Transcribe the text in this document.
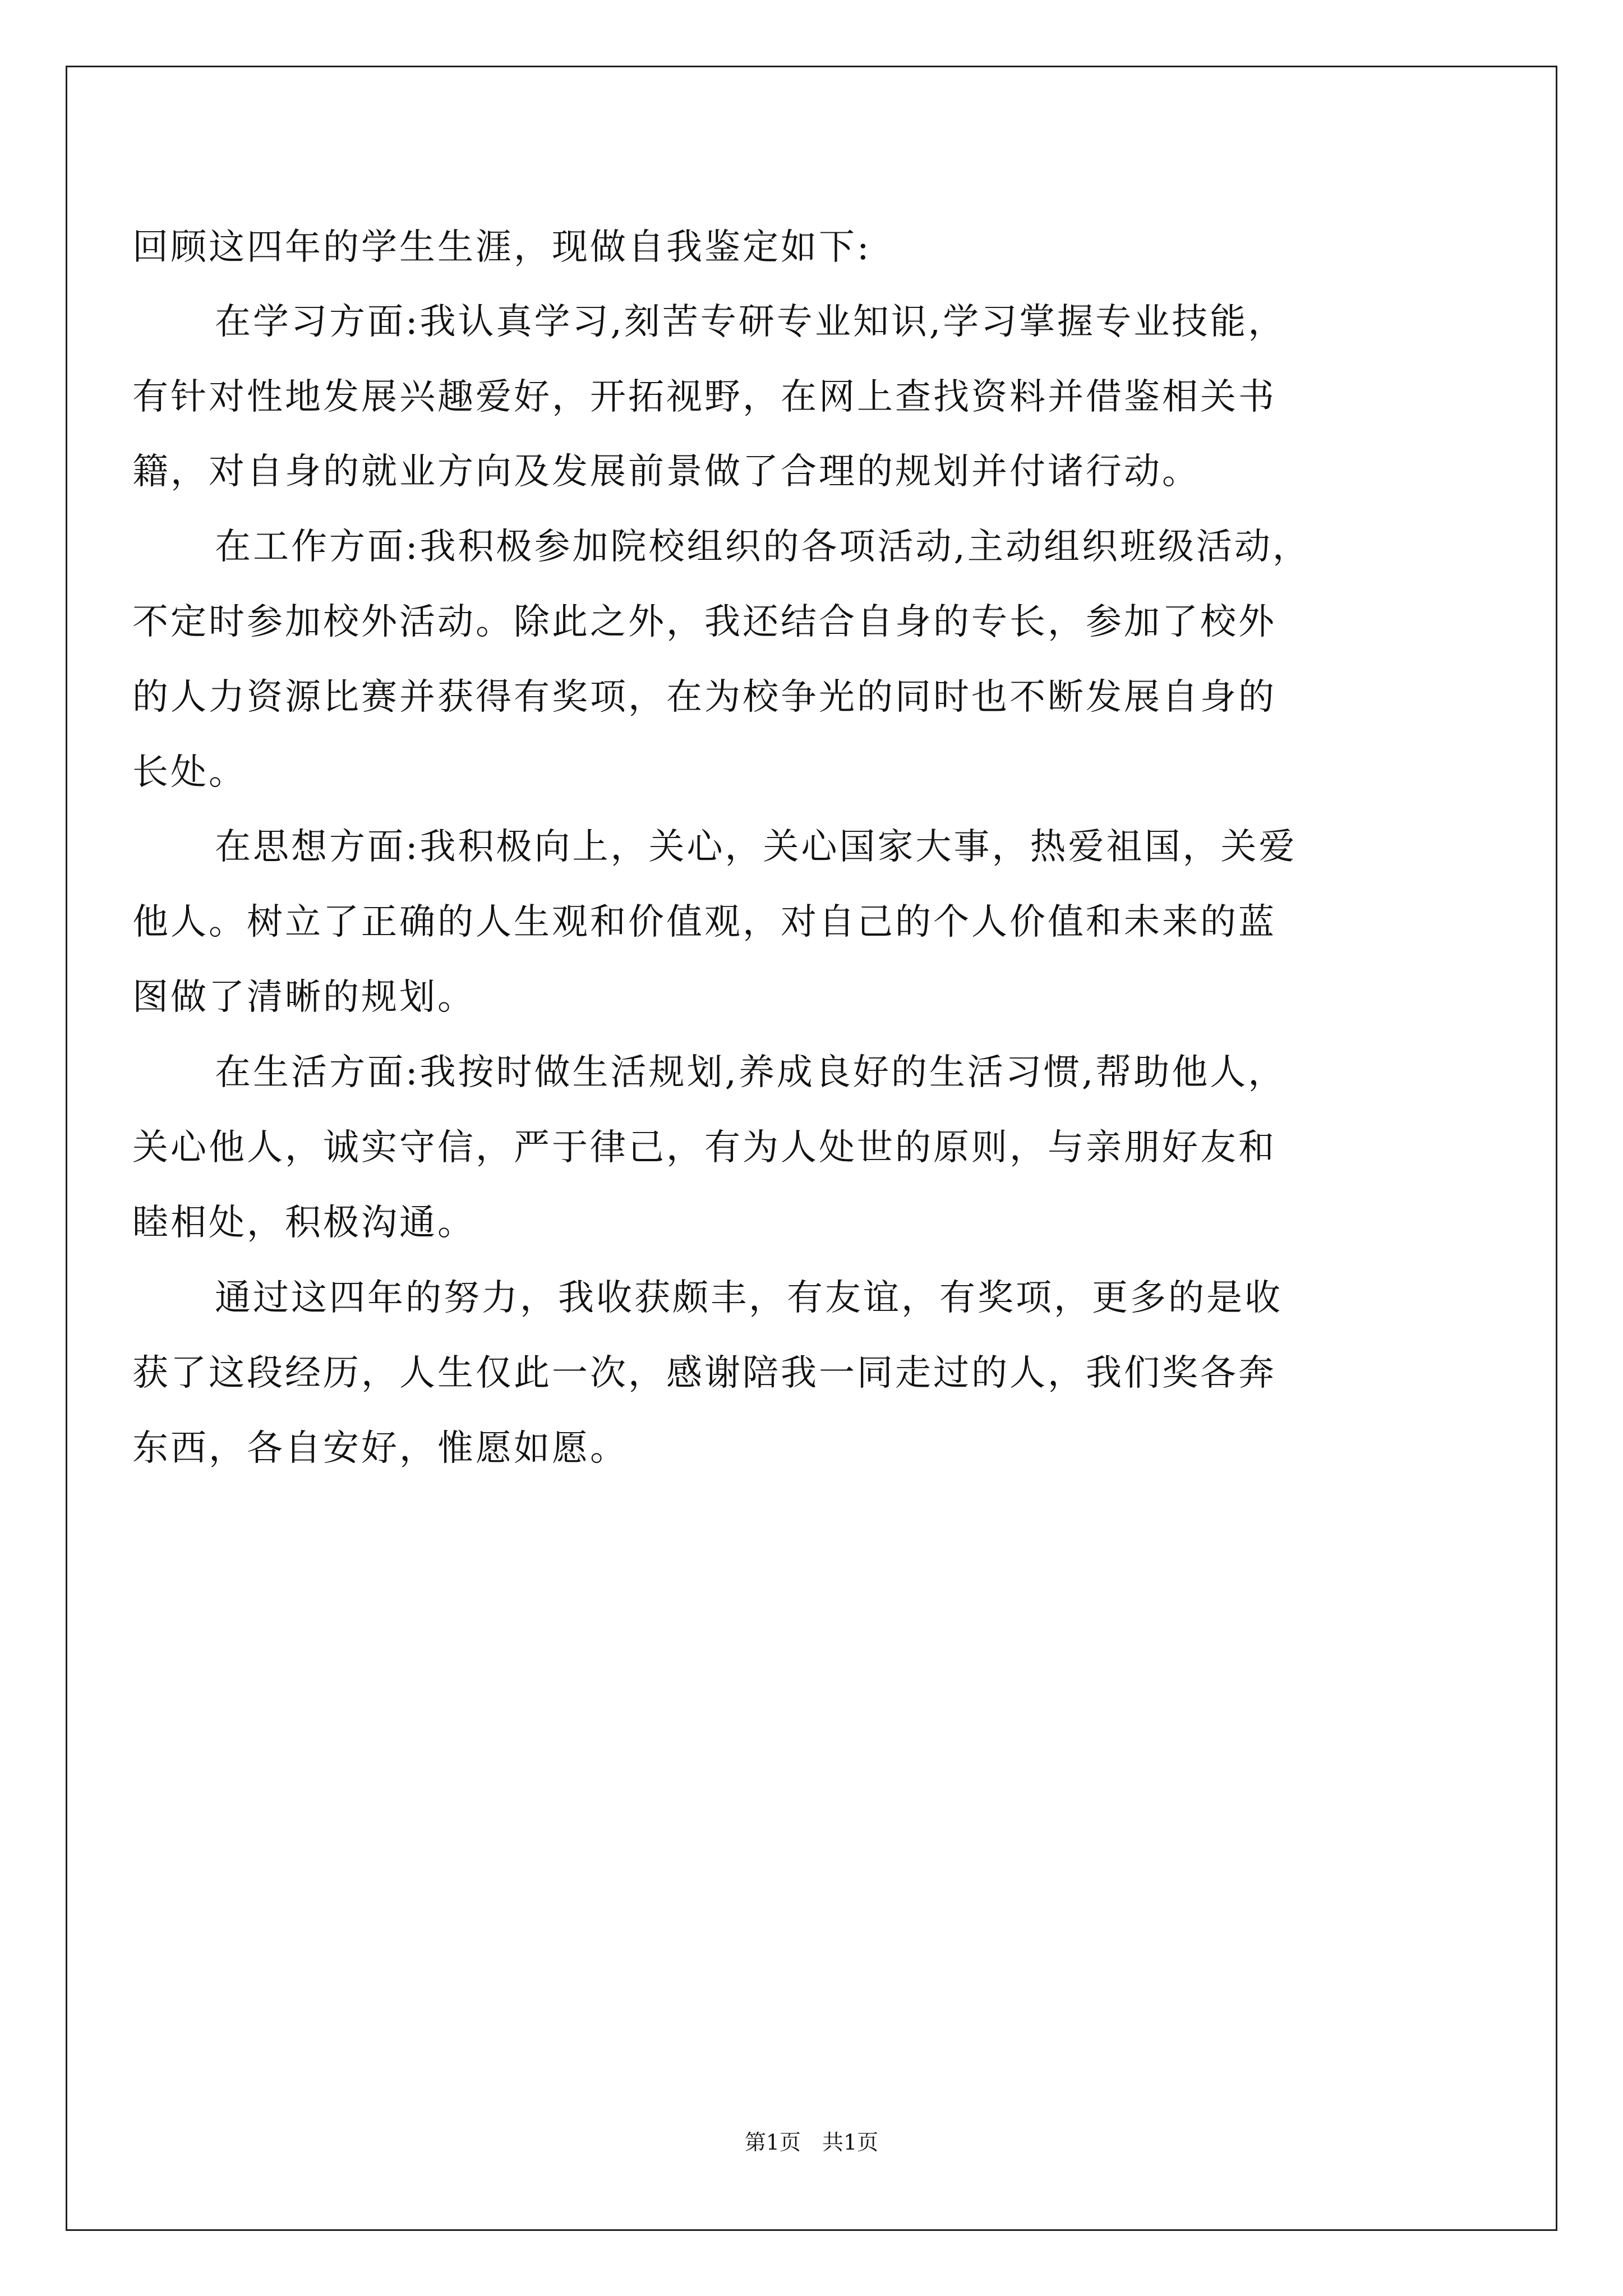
回顾这四年的学生生涯，现做自我鉴定如下:
在学习方面:我认真学习,刻苦专研专业知识,学习掌握专业技能，
有针对性地发展兴趣爱好，开拓视野，在网上查找资料并借鉴相关书
籍，对自身的就业方向及发展前景做了合理的规划并付诸行动。
在工作方面:我积极参加院校组织的各项活动,主动组织班级活动，
不定时参加校外活动。除此之外，我还结合自身的专长，参加了校外
的人力资源比赛并获得有奖项，在为校争光的同时也不断发展自身的
长处。
在思想方面:我积极向上，关心，关心国家大事，热爱祖国，关爱
他人。树立了正确的人生观和价值观，对自己的个人价值和未来的蓝
图做了清晰的规划。
在生活方面:我按时做生活规划,养成良好的生活习惯,帮助他人，
关心他人，诚实守信，严于律己，有为人处世的原则，与亲朋好友和
睦相处，积极沟通。
通过这四年的努力，我收获颇丰，有友谊，有奖项，更多的是收
获了这段经历，人生仅此一次，感谢陪我一同走过的人，我们奖各奔
东西，各自安好，惟愿如愿。
第1页　共1页
